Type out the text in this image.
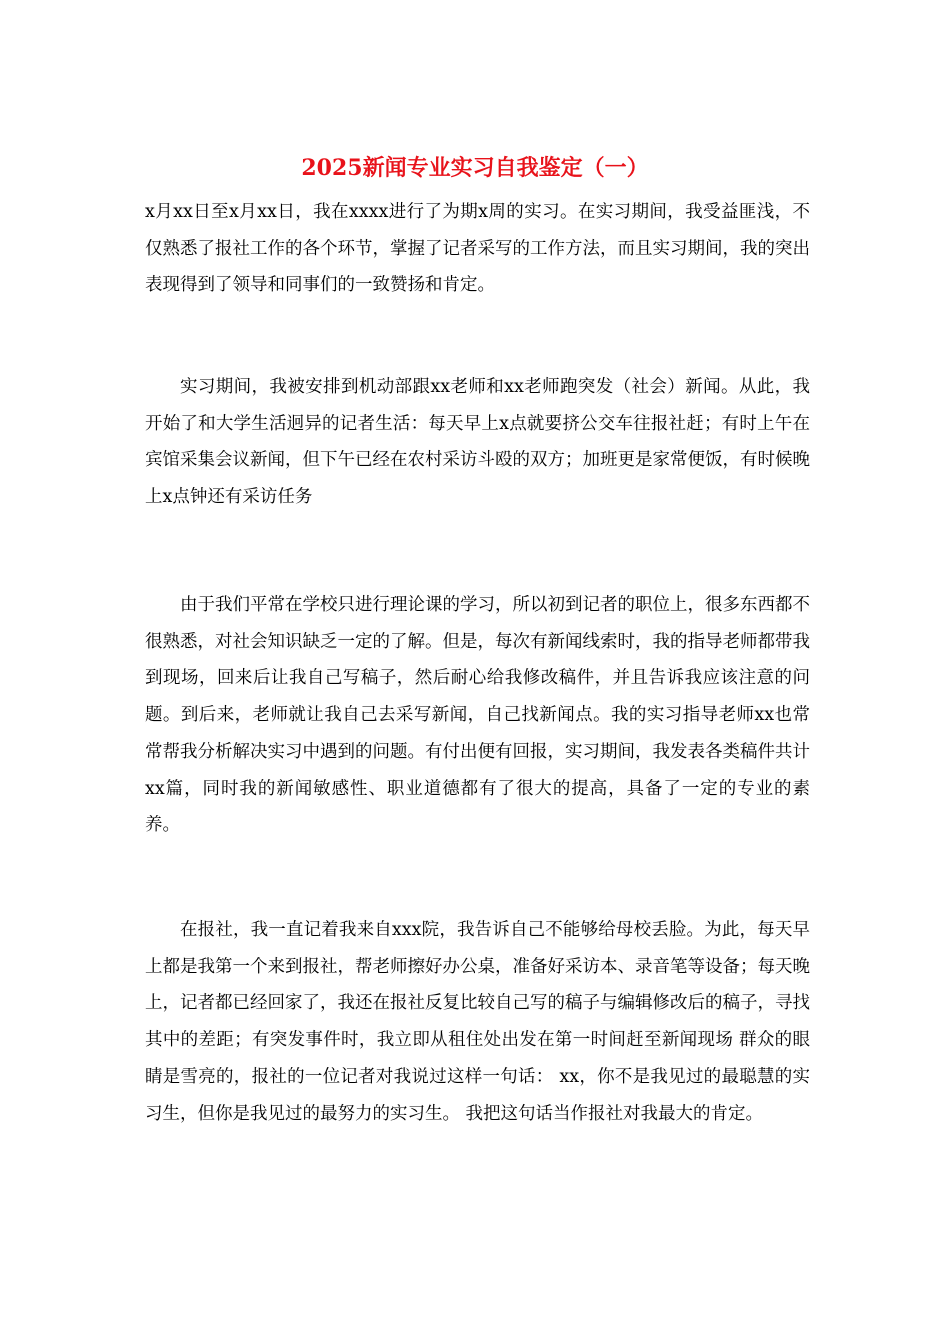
2025新闻专业实习自我鉴定（一）

x月xx日至x月xx日，我在xxxx进行了为期x周的实习。在实习期间，我受益匪浅，不仅熟悉了报社工作的各个环节，掌握了记者采写的工作方法，而且实习期间，我的突出表现得到了领导和同事们的一致赞扬和肯定。

实习期间，我被安排到机动部跟xx老师和xx老师跑突发（社会）新闻。从此，我开始了和大学生活迥异的记者生活：每天早上x点就要挤公交车往报社赶；有时上午在宾馆采集会议新闻，但下午已经在农村采访斗殴的双方；加班更是家常便饭，有时候晚上x点钟还有采访任务

由于我们平常在学校只进行理论课的学习，所以初到记者的职位上，很多东西都不很熟悉，对社会知识缺乏一定的了解。但是，每次有新闻线索时，我的指导老师都带我到现场，回来后让我自己写稿子，然后耐心给我修改稿件，并且告诉我应该注意的问题。到后来，老师就让我自己去采写新闻，自己找新闻点。我的实习指导老师xx也常常帮我分析解决实习中遇到的问题。有付出便有回报，实习期间，我发表各类稿件共计xx篇，同时我的新闻敏感性、职业道德都有了很大的提高，具备了一定的专业的素养。

在报社，我一直记着我来自xxx院，我告诉自己不能够给母校丢脸。为此，每天早上都是我第一个来到报社，帮老师擦好办公桌，准备好采访本、录音笔等设备；每天晚上，记者都已经回家了，我还在报社反复比较自己写的稿子与编辑修改后的稿子，寻找其中的差距；有突发事件时，我立即从租住处出发在第一时间赶至新闻现场 群众的眼睛是雪亮的，报社的一位记者对我说过这样一句话： xx，你不是我见过的最聪慧的实习生，但你是我见过的最努力的实习生。 我把这句话当作报社对我最大的肯定。
